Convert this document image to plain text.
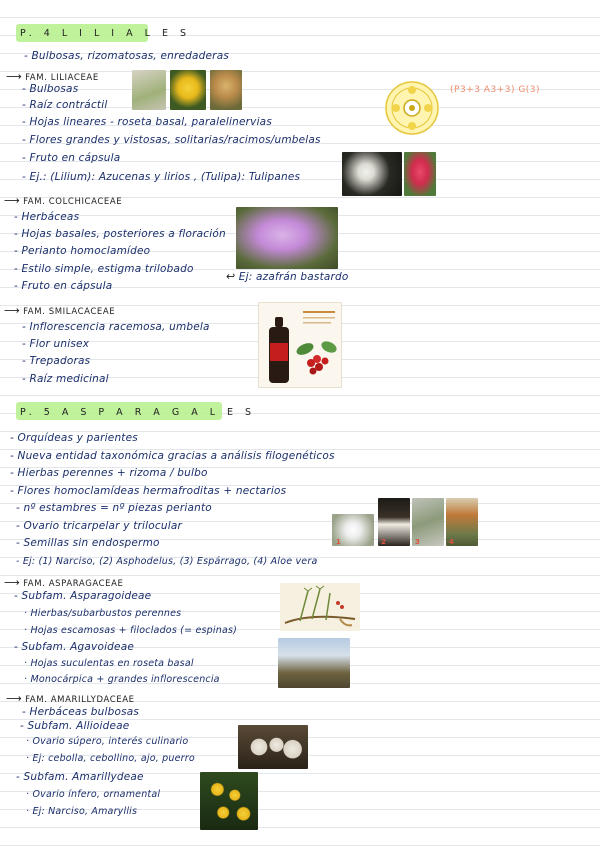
P. 4 L I L I A L E S
- Bulbosas, rizomatosas, enredaderas
⟶ FAM. LILIACEAE
(P3+3 A3+3) G(3)
- Bulbosas
- Raíz contráctil
- Hojas lineares - roseta basal, paralelinervias
- Flores grandes y vistosas, solitarias/racimos/umbelas
- Fruto en cápsula
- Ej.: (Lilium): Azucenas y lirios , (Tulipa): Tulipanes
⟶ FAM. COLCHICACEAE
- Herbáceas
- Hojas basales, posteriores a floración
- Perianto homoclamídeo
- Estilo simple, estigma trilobado
- Fruto en cápsula
↩ Ej: azafrán bastardo
⟶ FAM. SMILACACEAE
- Inflorescencia racemosa, umbela
- Flor unisex
- Trepadoras
- Raíz medicinal
P. 5 A S P A R A G A L E S
- Orquídeas y parientes
- Nueva entidad taxonómica gracias a análisis filogenéticos
- Hierbas perennes + rizoma / bulbo
- Flores homoclamídeas hermafroditas + nectarios
- nº estambres = nº piezas perianto
- Ovario tricarpelar y trilocular
- Semillas sin endospermo
- Ej: (1) Narciso, (2) Asphodelus, (3) Espárrago, (4) Aloe vera
1	2	3	4
⟶ FAM. ASPARAGACEAE
- Subfam. Asparagoideae
· Hierbas/subarbustos perennes
· Hojas escamosas + filoclados (= espinas)
- Subfam. Agavoideae
· Hojas suculentas en roseta basal
· Monocárpica + grandes inflorescencia
⟶ FAM. AMARILLYDACEAE
- Herbáceas bulbosas
- Subfam. Allioideae
· Ovario súpero, interés culinario
· Ej: cebolla, cebollino, ajo, puerro
- Subfam. Amarillydeae
· Ovario ínfero, ornamental
· Ej: Narciso, Amaryllis
